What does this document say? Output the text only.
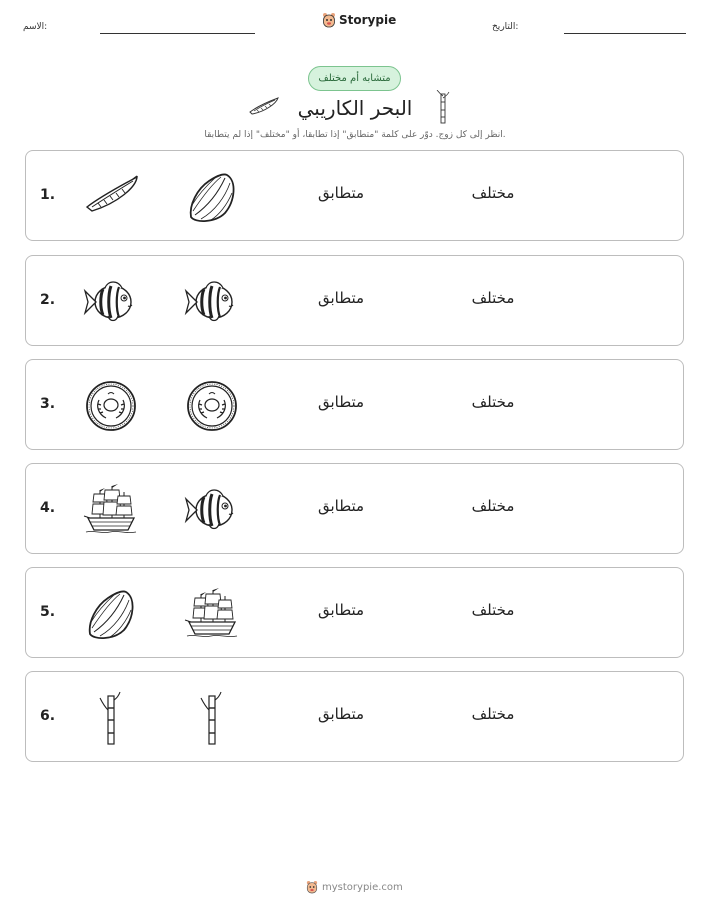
الاسم:	Storypie	التاريخ:
متشابه أم مختلف
البحر الكاريبي
انظر إلى كل زوج. دوّر على كلمة "متطابق" إذا تطابقا، أو "مختلف" إذا لم يتطابقا.
1.	متطابق	مختلف
2.	متطابق	مختلف
3.	متطابق	مختلف
4.	متطابق	مختلف
5.	متطابق	مختلف
6.	متطابق	مختلف
mystorypie.com
